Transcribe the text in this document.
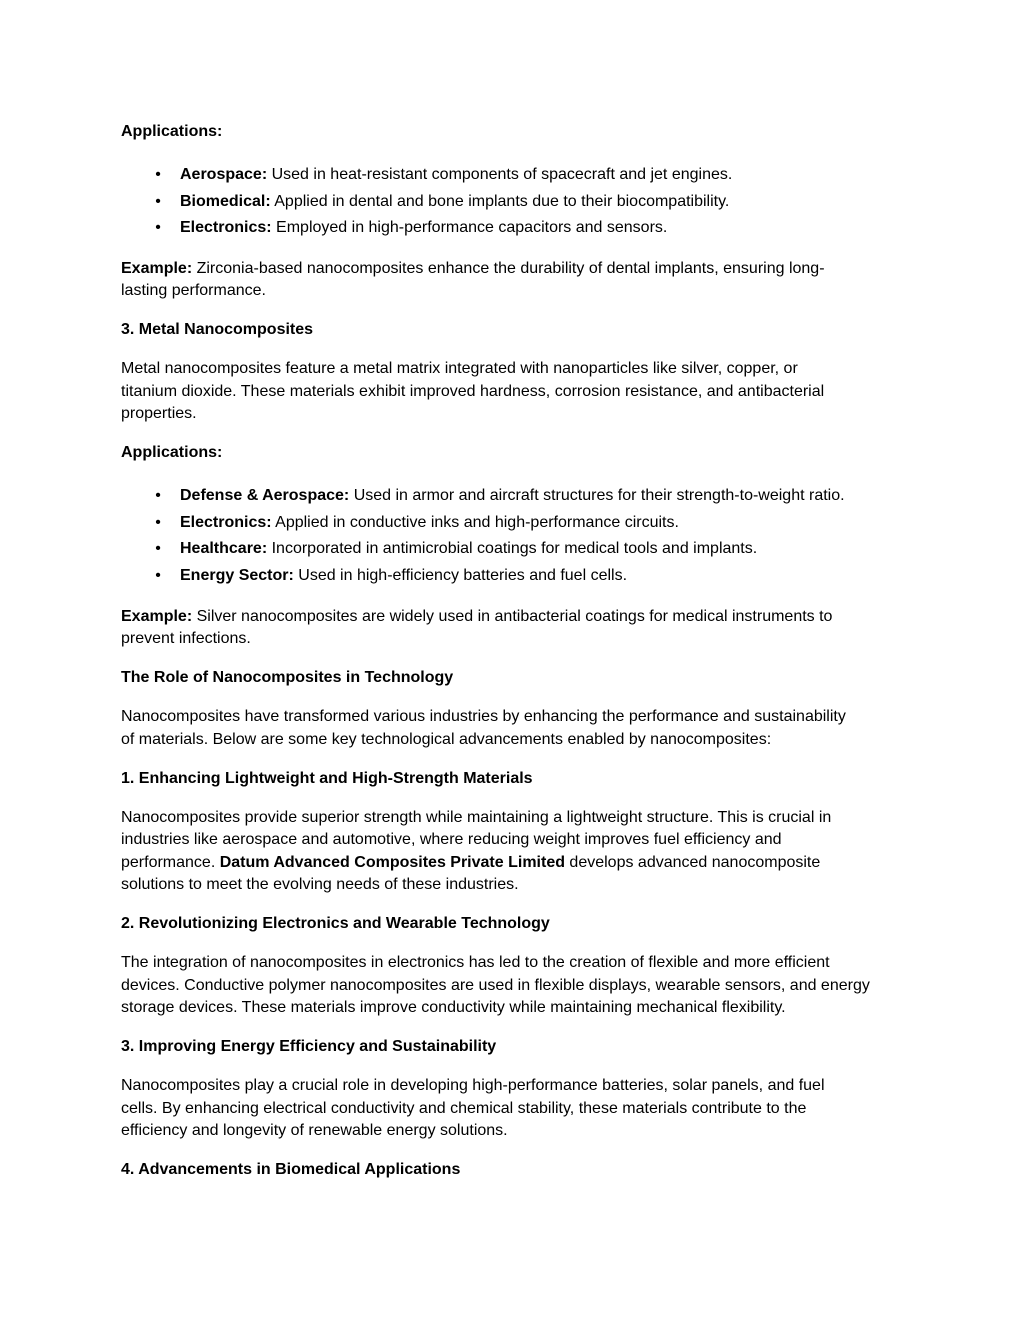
Applications:

• Aerospace: Used in heat-resistant components of spacecraft and jet engines.
• Biomedical: Applied in dental and bone implants due to their biocompatibility.
• Electronics: Employed in high-performance capacitors and sensors.

Example: Zirconia-based nanocomposites enhance the durability of dental implants, ensuring long-
lasting performance.

3. Metal Nanocomposites

Metal nanocomposites feature a metal matrix integrated with nanoparticles like silver, copper, or
titanium dioxide. These materials exhibit improved hardness, corrosion resistance, and antibacterial
properties.

Applications:

• Defense & Aerospace: Used in armor and aircraft structures for their strength-to-weight ratio.
• Electronics: Applied in conductive inks and high-performance circuits.
• Healthcare: Incorporated in antimicrobial coatings for medical tools and implants.
• Energy Sector: Used in high-efficiency batteries and fuel cells.

Example: Silver nanocomposites are widely used in antibacterial coatings for medical instruments to
prevent infections.

The Role of Nanocomposites in Technology

Nanocomposites have transformed various industries by enhancing the performance and sustainability
of materials. Below are some key technological advancements enabled by nanocomposites:

1. Enhancing Lightweight and High-Strength Materials

Nanocomposites provide superior strength while maintaining a lightweight structure. This is crucial in
industries like aerospace and automotive, where reducing weight improves fuel efficiency and
performance. Datum Advanced Composites Private Limited develops advanced nanocomposite
solutions to meet the evolving needs of these industries.

2. Revolutionizing Electronics and Wearable Technology

The integration of nanocomposites in electronics has led to the creation of flexible and more efficient
devices. Conductive polymer nanocomposites are used in flexible displays, wearable sensors, and energy
storage devices. These materials improve conductivity while maintaining mechanical flexibility.

3. Improving Energy Efficiency and Sustainability

Nanocomposites play a crucial role in developing high-performance batteries, solar panels, and fuel
cells. By enhancing electrical conductivity and chemical stability, these materials contribute to the
efficiency and longevity of renewable energy solutions.

4. Advancements in Biomedical Applications
